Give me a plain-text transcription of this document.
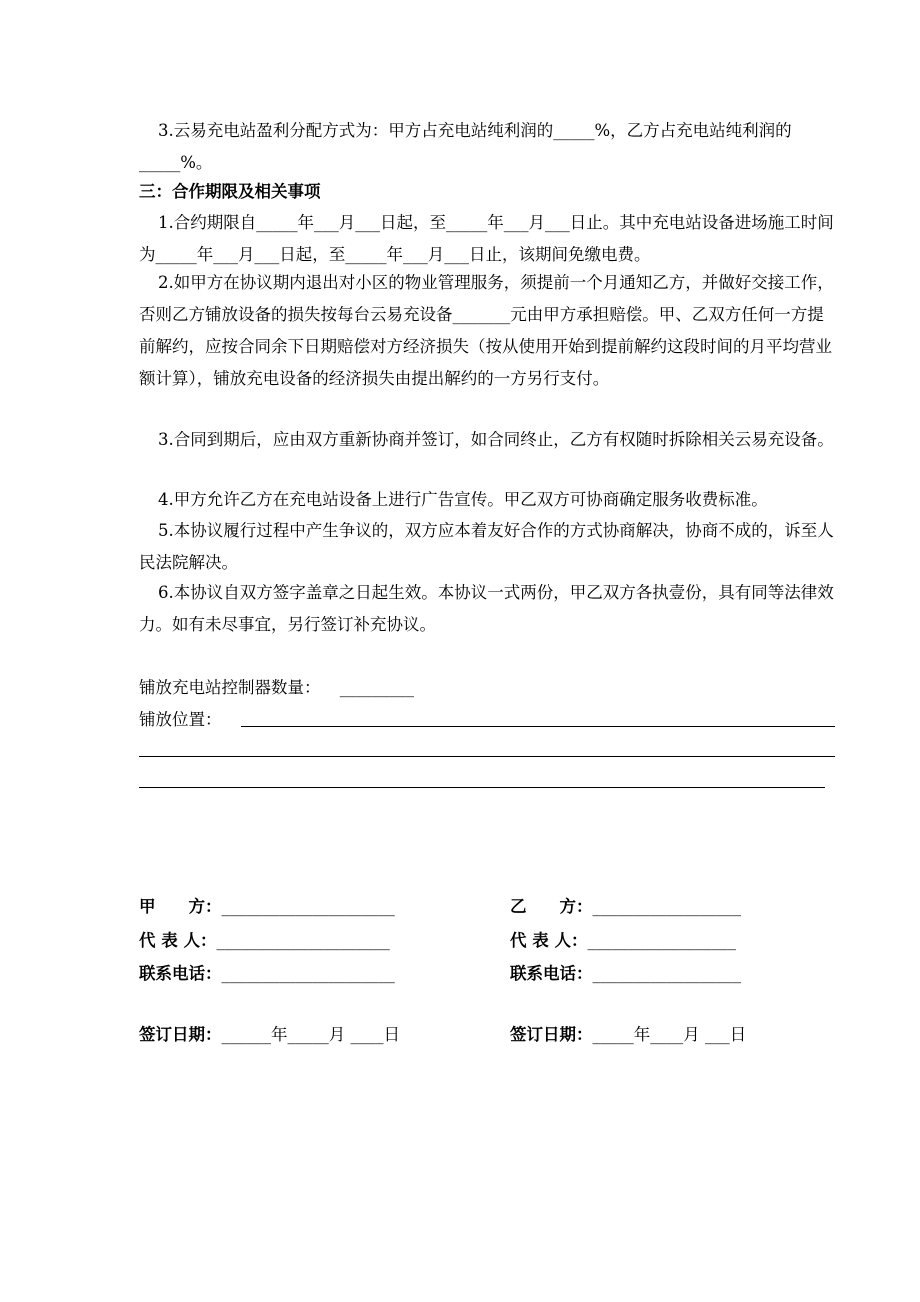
3.云易充电站盈利分配方式为：甲方占充电站纯利润的_____%，乙方占充电站纯利润的_____%。

三：合作期限及相关事项

1.合约期限自_____年___月___日起，至_____年___月___日止。其中充电站设备进场施工时间为_____年___月___日起，至_____年___月___日止，该期间免缴电费。

2.如甲方在协议期内退出对小区的物业管理服务，须提前一个月通知乙方，并做好交接工作，否则乙方铺放设备的损失按每台云易充设备_______元由甲方承担赔偿。甲、乙双方任何一方提前解约，应按合同余下日期赔偿对方经济损失（按从使用开始到提前解约这段时间的月平均营业额计算），铺放充电设备的经济损失由提出解约的一方另行支付。

3.合同到期后，应由双方重新协商并签订，如合同终止，乙方有权随时拆除相关云易充设备。

4.甲方允许乙方在充电站设备上进行广告宣传。甲乙双方可协商确定服务收费标准。

5.本协议履行过程中产生争议的，双方应本着友好合作的方式协商解决，协商不成的，诉至人民法院解决。

6.本协议自双方签字盖章之日起生效。本协议一式两份，甲乙双方各执壹份，具有同等法律效力。如有未尽事宜，另行签订补充协议。

铺放充电站控制器数量： _________
铺放位置：
甲　　方：_____________________
代 表 人：_____________________
联系电话：_____________________
签订日期：______年_____月 ____日
乙　　方：__________________
代 表 人：__________________
联系电话：__________________
签订日期：_____年____月 ___日
